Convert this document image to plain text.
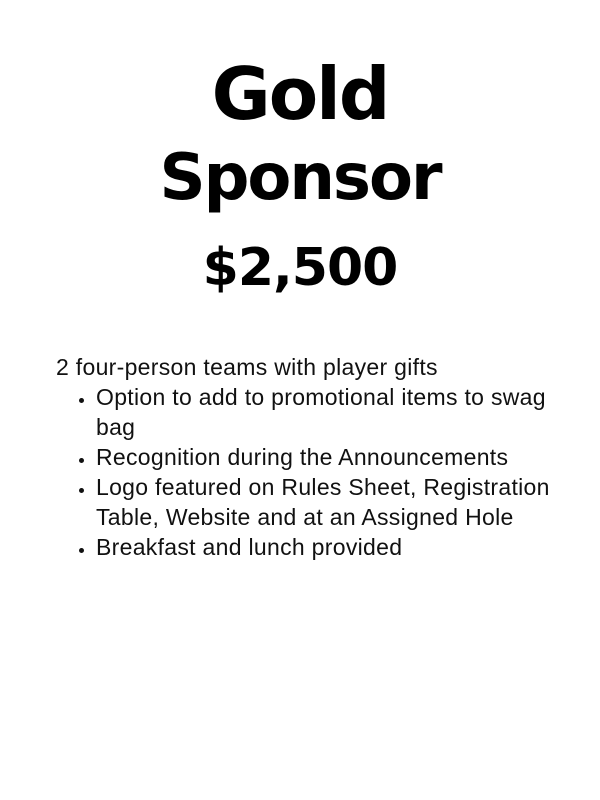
Gold
Sponsor
$2,500

2 four-person teams with player gifts

• Option to add to promotional items to swag bag
• Recognition during the Announcements
• Logo featured on Rules Sheet, Registration Table, Website and at an Assigned Hole
• Breakfast and lunch provided
